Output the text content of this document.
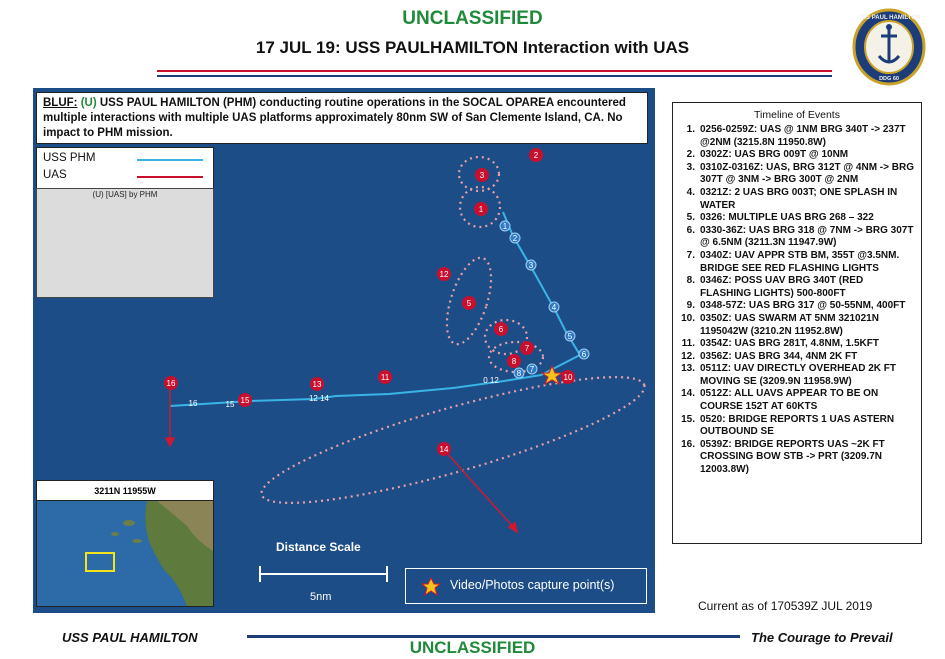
UNCLASSIFIED
17 JUL 19: USS PAULHAMILTON Interaction with UAS
USS PAUL HAMILTON
DDG 60
1
2
3
4
5
6
7
8
0 12
12 14
15
16
2
3
1
12
5
6
7
8
10
11
13
15
16
14
BLUF: (U) USS PAUL HAMILTON (PHM) conducting routine operations in the SOCAL OPAREA encountered multiple interactions with multiple UAS platforms approximately 80nm SW of San Clemente Island, CA. No impact to PHM mission.
USS PHM
UAS
(U) [UAS] by PHM
3211N 11955W
Distance Scale
5nm
Video/Photos capture point(s)
Timeline of Events
1. 0256-0259Z: UAS @ 1NM BRG 340T -> 237T @2NM (3215.8N 11950.8W)
2. 0302Z: UAS BRG 009T @ 10NM
3. 0310Z-0316Z: UAS, BRG 312T @ 4NM -> BRG 307T @ 3NM -> BRG 300T @ 2NM
4. 0321Z: 2 UAS BRG 003T; ONE SPLASH IN WATER
5. 0326: MULTIPLE UAS BRG 268 – 322
6. 0330-36Z: UAS BRG 318 @ 7NM -> BRG 307T @ 6.5NM (3211.3N 11947.9W)
7. 0340Z: UAV APPR STB BM, 355T @3.5NM. BRIDGE SEE RED FLASHING LIGHTS
8. 0346Z: POSS UAV BRG 340T (RED FLASHING LIGHTS) 500-800FT
9. 0348-57Z: UAS BRG 317 @ 50-55NM, 400FT
10. 0350Z: UAS SWARM AT 5NM 321021N 1195042W (3210.2N 11952.8W)
11. 0354Z: UAS BRG 281T, 4.8NM, 1.5KFT
12. 0356Z: UAS BRG 344, 4NM 2K FT
13. 0511Z: UAV DIRECTLY OVERHEAD 2K FT MOVING SE (3209.9N 11958.9W)
14. 0512Z: ALL UAVS APPEAR TO BE ON COURSE 152T AT 60KTS
15. 0520: BRIDGE REPORTS 1 UAS ASTERN OUTBOUND SE
16. 0539Z: BRIDGE REPORTS UAS ~2K FT CROSSING BOW STB -> PRT (3209.7N 12003.8W)
Current as of 170539Z JUL 2019
USS PAUL HAMILTON
UNCLASSIFIED
The Courage to Prevail
